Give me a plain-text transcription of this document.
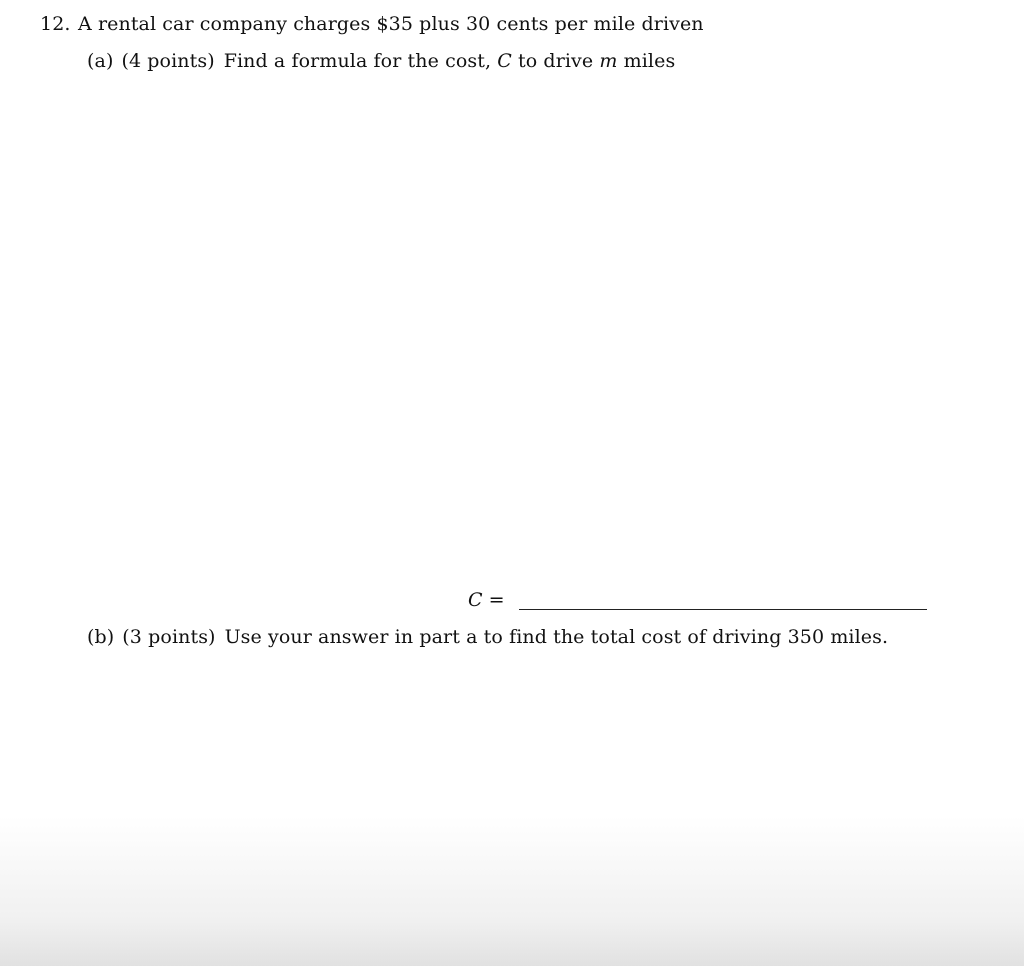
12. A rental car company charges $35 plus 30 cents per mile driven
(a) (4 points) Find a formula for the cost, C to drive m miles
C =
(b) (3 points) Use your answer in part a to find the total cost of driving 350 miles.
